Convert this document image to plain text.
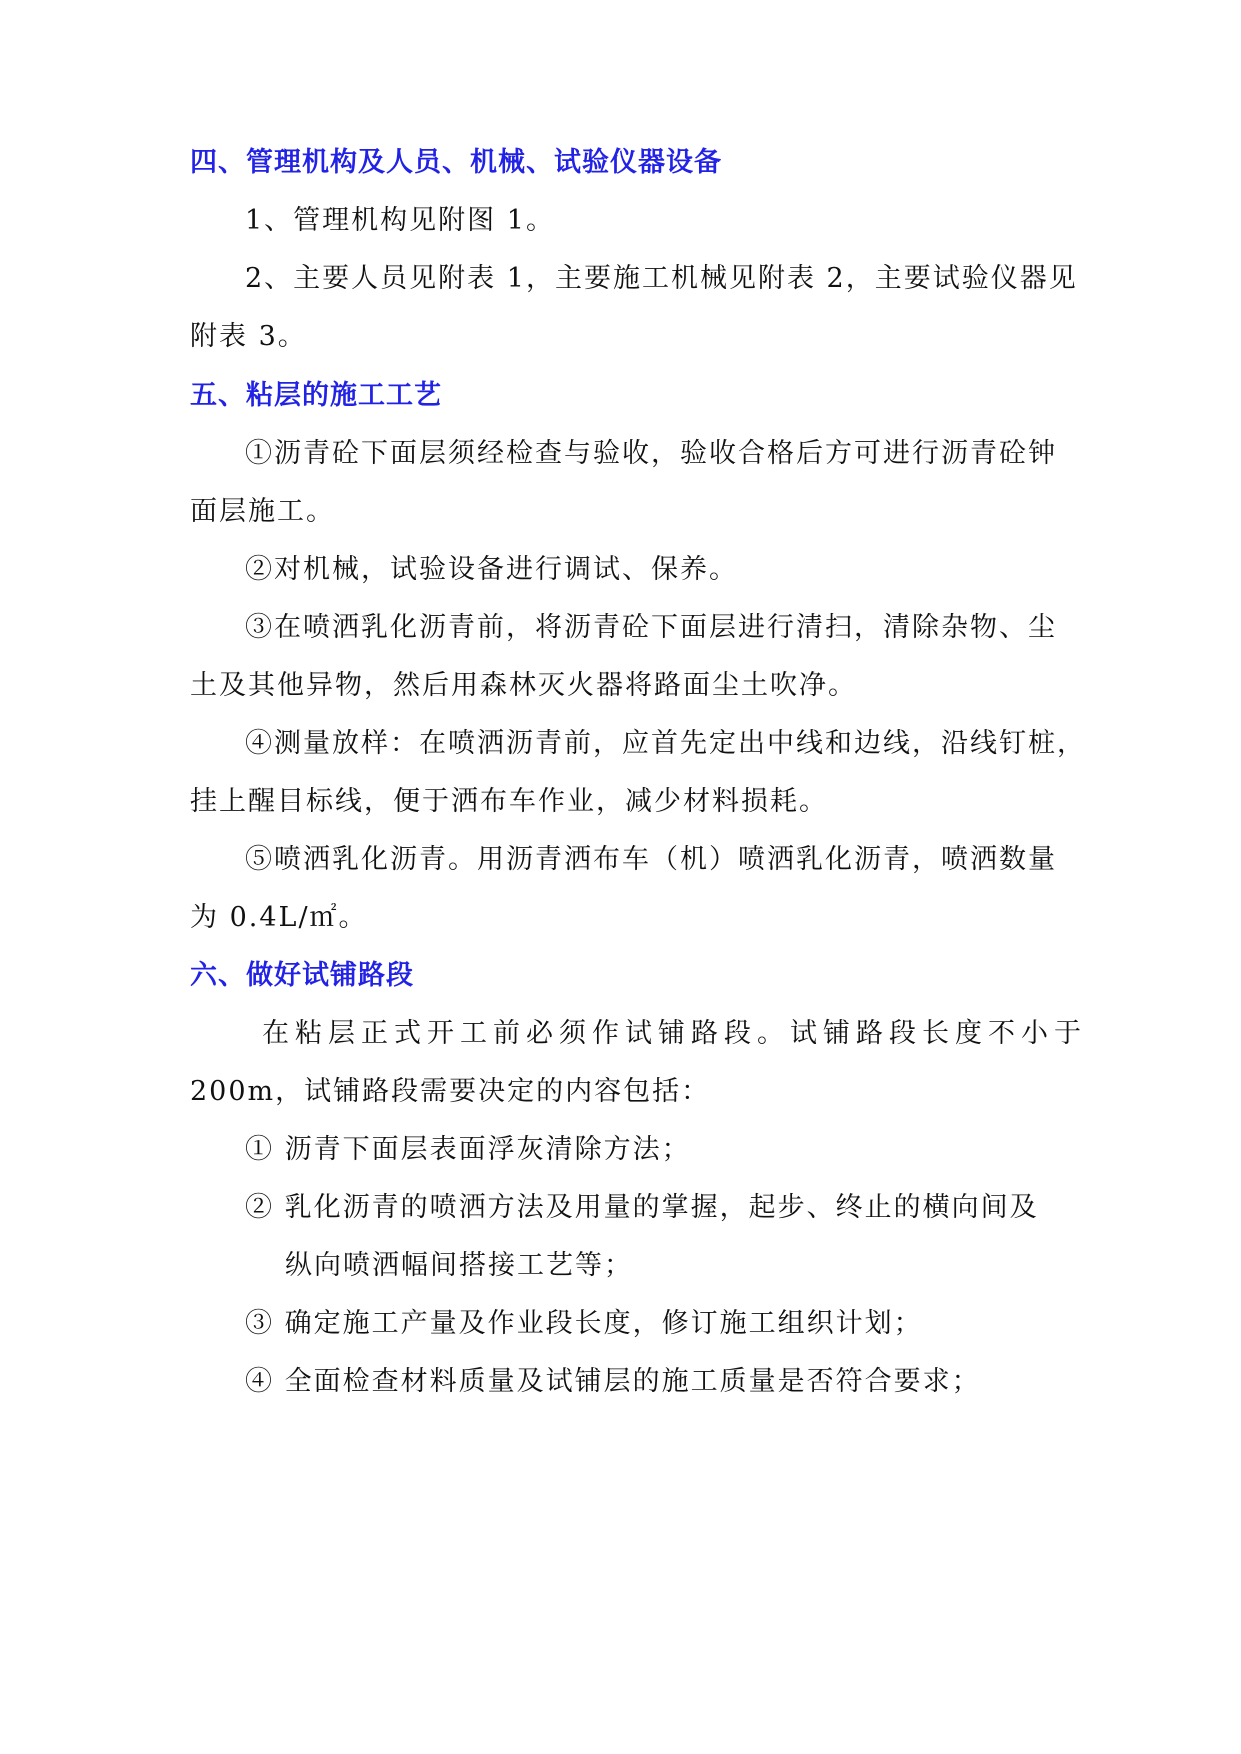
四、管理机构及人员、机械、试验仪器设备
1、管理机构见附图 1。
2、主要人员见附表 1，主要施工机械见附表 2，主要试验仪器见
附表 3。
五、粘层的施工工艺
①沥青砼下面层须经检查与验收，验收合格后方可进行沥青砼钟
面层施工。
②对机械，试验设备进行调试、保养。
③在喷洒乳化沥青前，将沥青砼下面层进行清扫，清除杂物、尘
土及其他异物，然后用森林灭火器将路面尘土吹净。
④测量放样：在喷洒沥青前，应首先定出中线和边线，沿线钉桩，
挂上醒目标线，便于洒布车作业，减少材料损耗。
⑤喷洒乳化沥青。用沥青洒布车（机）喷洒乳化沥青，喷洒数量
为 0.4L/㎡。
六、做好试铺路段
在粘层正式开工前必须作试铺路段。试铺路段长度不小于
200m，试铺路段需要决定的内容包括：
① 沥青下面层表面浮灰清除方法；
② 乳化沥青的喷洒方法及用量的掌握，起步、终止的横向间及
纵向喷洒幅间搭接工艺等；
③ 确定施工产量及作业段长度，修订施工组织计划；
④ 全面检查材料质量及试铺层的施工质量是否符合要求；
